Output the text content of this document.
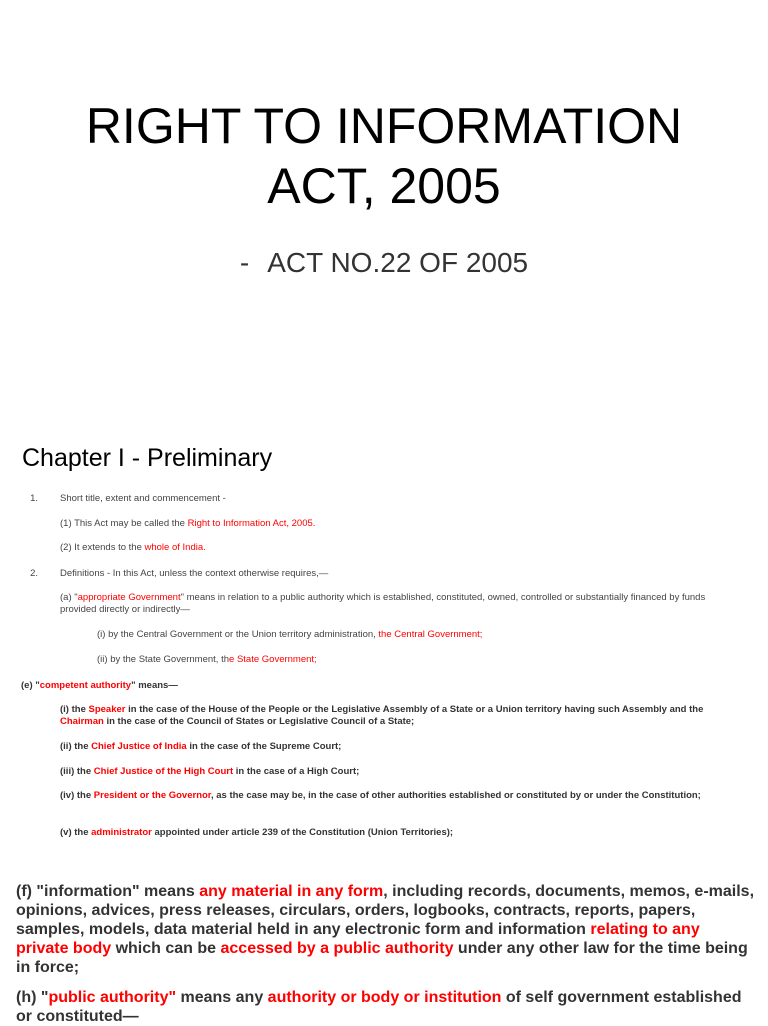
RIGHT TO INFORMATION
ACT, 2005

- ACT NO.22 OF 2005

Chapter I - Preliminary
1. Short title, extent and commencement -
(1) This Act may be called the Right to Information Act, 2005.
(2) It extends to the whole of India.
2. Definitions - In this Act, unless the context otherwise requires,—
(a) "appropriate Government" means in relation to a public authority which is established, constituted, owned, controlled or substantially financed by funds provided directly or indirectly—
(i) by the Central Government or the Union territory administration, the Central Government;
(ii) by the State Government, the State Government;
(e) "competent authority" means—
(i) the Speaker in the case of the House of the People or the Legislative Assembly of a State or a Union territory having such Assembly and the Chairman in the case of the Council of States or Legislative Council of a State;
(ii) the Chief Justice of India in the case of the Supreme Court;
(iii) the Chief Justice of the High Court in the case of a High Court;
(iv) the President or the Governor, as the case may be, in the case of other authorities established or constituted by or under the Constitution;
(v) the administrator appointed under article 239 of the Constitution (Union Territories);
(f) "information" means any material in any form, including records, documents, memos, e-mails, opinions, advices, press releases, circulars, orders, logbooks, contracts, reports, papers, samples, models, data material held in any electronic form and information relating to any private body which can be accessed by a public authority under any other law for the time being in force;
(h) "public authority" means any authority or body or institution of self government established or constituted—
